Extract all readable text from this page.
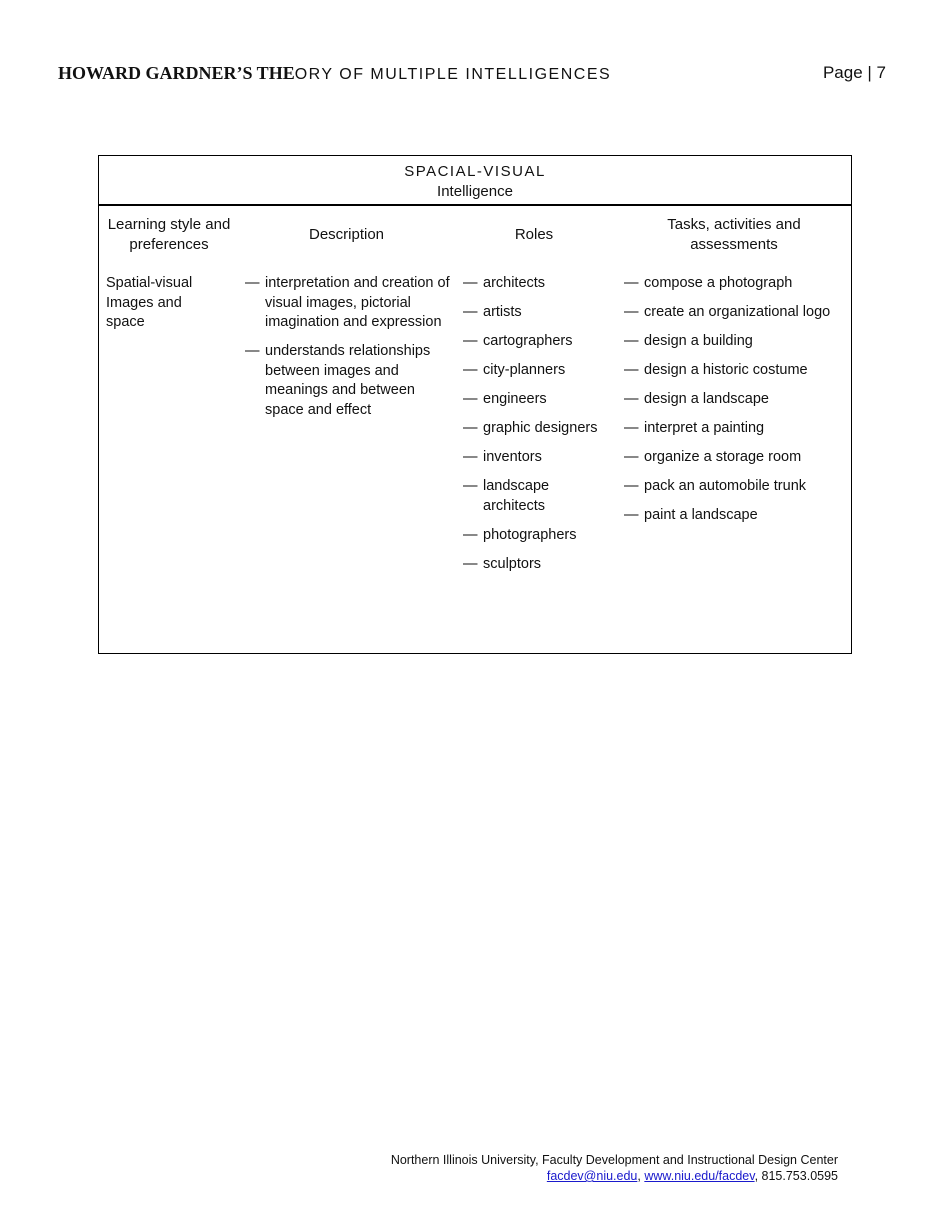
HOWARD GARDNER’S THEORY OF MULTIPLE INTELLIGENCES	Page | 7
SPACIAL-VISUAL
Intelligence
Learning style and preferences
Description	Roles
Tasks, activities and assessments
Spatial-visual
Images and
space
— interpretation and creation of visual images, pictorial imagination and expression
— understands relationships between images and meanings and between space and effect
— architects
— artists
— cartographers
— city-planners
— engineers
— graphic designers
— inventors
— landscape architects
— photographers
— sculptors
— compose a photograph
— create an organizational logo
— design a building
— design a historic costume
— design a landscape
— interpret a painting
— organize a storage room
— pack an automobile trunk
— paint a landscape
Northern Illinois University, Faculty Development and Instructional Design Center
facdev@niu.edu, www.niu.edu/facdev, 815.753.0595
